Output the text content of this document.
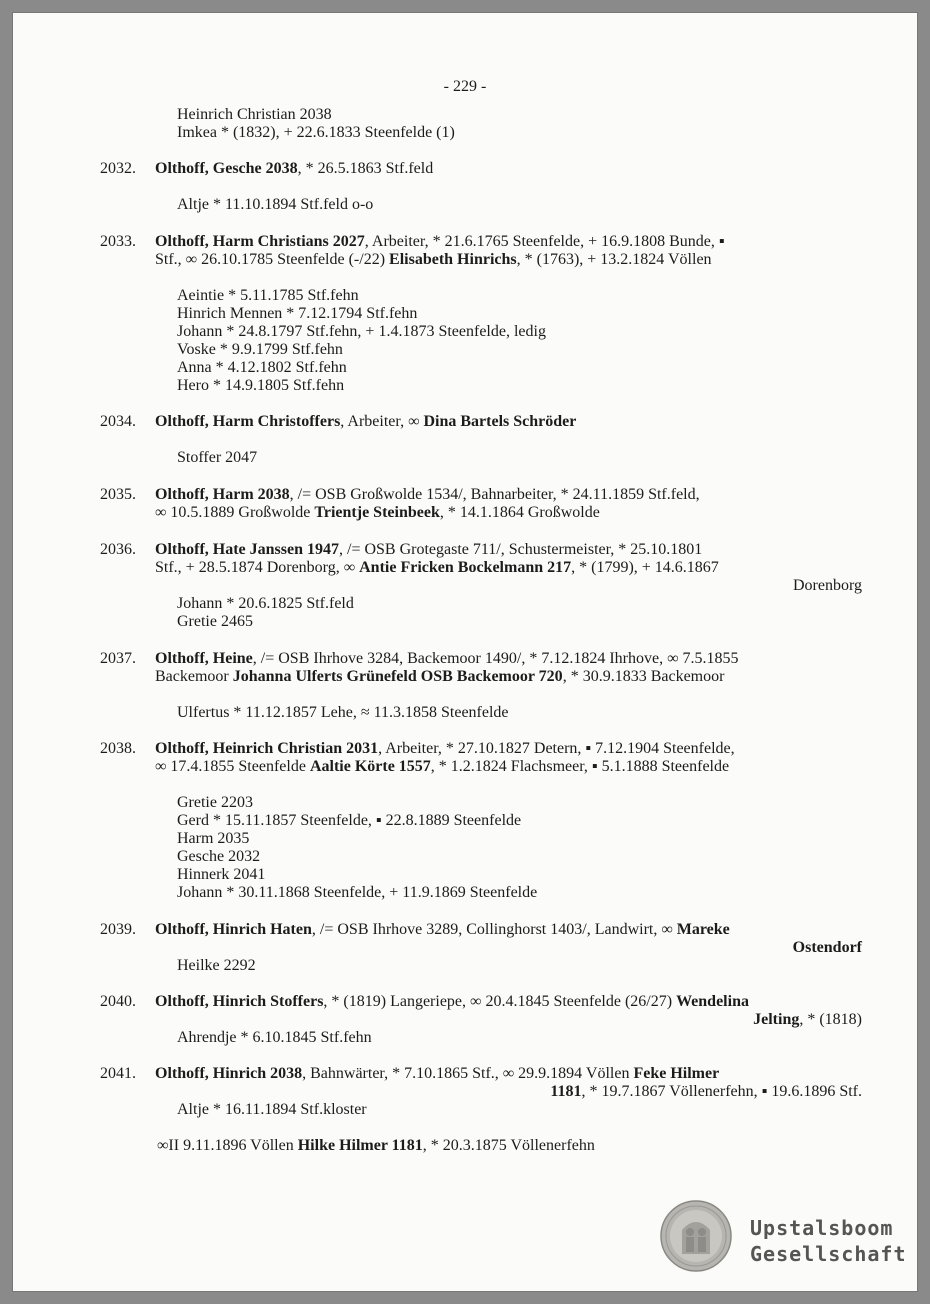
- 229 -
Heinrich Christian 2038
Imkea * (1832), + 22.6.1833 Steenfelde (1)
2032. Olthoff, Gesche 2038, * 26.5.1863 Stf.feld
Altje * 11.10.1894 Stf.feld o-o
2033. Olthoff, Harm Christians 2027, Arbeiter, * 21.6.1765 Steenfelde, + 16.9.1808 Bunde, ▪
Stf., ∞ 26.10.1785 Steenfelde (-/22) Elisabeth Hinrichs, * (1763), + 13.2.1824 Völlen
Aeintie * 5.11.1785 Stf.fehn
Hinrich Mennen * 7.12.1794 Stf.fehn
Johann * 24.8.1797 Stf.fehn, + 1.4.1873 Steenfelde, ledig
Voske * 9.9.1799 Stf.fehn
Anna * 4.12.1802 Stf.fehn
Hero * 14.9.1805 Stf.fehn
2034. Olthoff, Harm Christoffers, Arbeiter, ∞ Dina Bartels Schröder
Stoffer 2047
2035. Olthoff, Harm 2038, /= OSB Großwolde 1534/, Bahnarbeiter, * 24.11.1859 Stf.feld,
∞ 10.5.1889 Großwolde Trientje Steinbeek, * 14.1.1864 Großwolde
2036. Olthoff, Hate Janssen 1947, /= OSB Grotegaste 711/, Schustermeister, * 25.10.1801
Stf., + 28.5.1874 Dorenborg, ∞ Antie Fricken Bockelmann 217, * (1799), + 14.6.1867
Dorenborg
Johann * 20.6.1825 Stf.feld
Gretie 2465
2037. Olthoff, Heine, /= OSB Ihrhove 3284, Backemoor 1490/, * 7.12.1824 Ihrhove, ∞ 7.5.1855
Backemoor Johanna Ulferts Grünefeld OSB Backemoor 720, * 30.9.1833 Backemoor
Ulfertus * 11.12.1857 Lehe, ≈ 11.3.1858 Steenfelde
2038. Olthoff, Heinrich Christian 2031, Arbeiter, * 27.10.1827 Detern, ▪ 7.12.1904 Steenfelde,
∞ 17.4.1855 Steenfelde Aaltie Körte 1557, * 1.2.1824 Flachsmeer, ▪ 5.1.1888 Steenfelde
Gretie 2203
Gerd * 15.11.1857 Steenfelde, ▪ 22.8.1889 Steenfelde
Harm 2035
Gesche 2032
Hinnerk 2041
Johann * 30.11.1868 Steenfelde, + 11.9.1869 Steenfelde
2039. Olthoff, Hinrich Haten, /= OSB Ihrhove 3289, Collinghorst 1403/, Landwirt, ∞ Mareke
Ostendorf
Heilke 2292
2040. Olthoff, Hinrich Stoffers, * (1819) Langeriepe, ∞ 20.4.1845 Steenfelde (26/27) Wendelina
Jelting, * (1818)
Ahrendje * 6.10.1845 Stf.fehn
2041. Olthoff, Hinrich 2038, Bahnwärter, * 7.10.1865 Stf., ∞ 29.9.1894 Völlen Feke Hilmer
1181, * 19.7.1867 Völlenerfehn, ▪ 19.6.1896 Stf.
Altje * 16.11.1894 Stf.kloster
∞II 9.11.1896 Völlen Hilke Hilmer 1181, * 20.3.1875 Völlenerfehn
Upstalsboom
Gesellschaft
